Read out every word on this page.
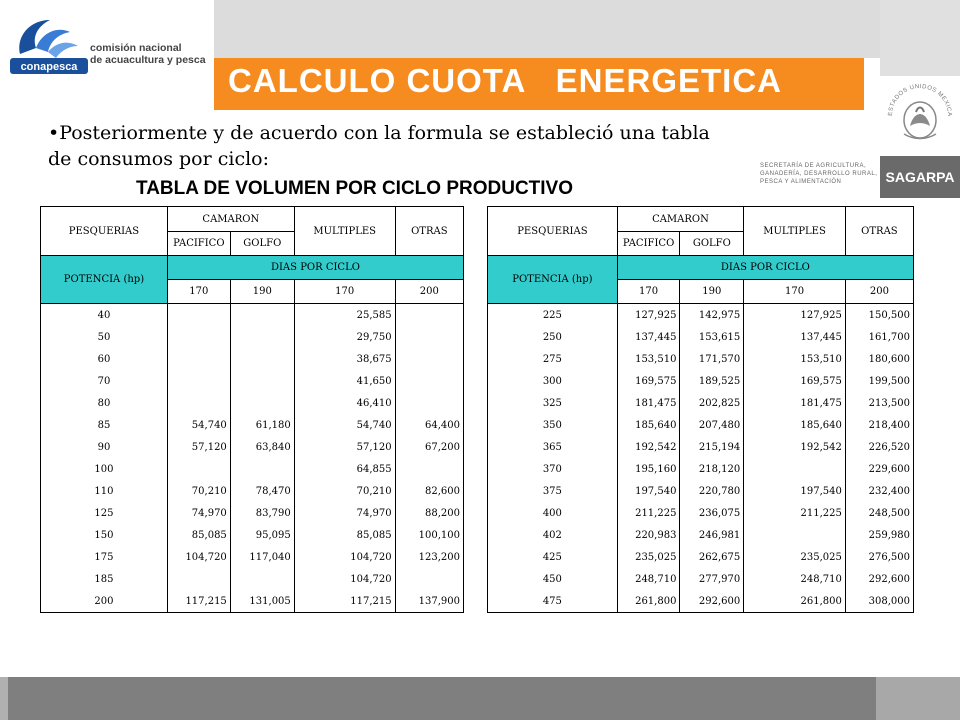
conapesca
comisión nacional
de acuacultura y pesca
CALCULO CUOTA   ENERGETICA
ESTADOS UNIDOS MEXICA
SECRETARÍA DE AGRICULTURA,
GANADERÍA, DESARROLLO RURAL,
PESCA Y ALIMENTACIÓN	SAGARPA
•Posteriormente y de acuerdo con la formula se estableció una tabla de consumos por ciclo:
TABLA DE VOLUMEN POR CICLO PRODUCTIVO
PESQUERIAS	CAMARON		MULTIPLES	OTRAS
	PACIFICO	GOLFO		
POTENCIA (hp)	DIAS POR CICLO			
	170	190	170	200
40			25,585	
50			29,750	
60			38,675	
70			41,650	
80			46,410	
85	54,740	61,180	54,740	64,400
90	57,120	63,840	57,120	67,200
100			64,855	
110	70,210	78,470	70,210	82,600
125	74,970	83,790	74,970	88,200
150	85,085	95,095	85,085	100,100
175	104,720	117,040	104,720	123,200
185			104,720	
200	117,215	131,005	117,215	137,900
PESQUERIAS	CAMARON		MULTIPLES	OTRAS
	PACIFICO	GOLFO		
POTENCIA (hp)	DIAS POR CICLO			
	170	190	170	200
225	127,925	142,975	127,925	150,500
250	137,445	153,615	137,445	161,700
275	153,510	171,570	153,510	180,600
300	169,575	189,525	169,575	199,500
325	181,475	202,825	181,475	213,500
350	185,640	207,480	185,640	218,400
365	192,542	215,194	192,542	226,520
370	195,160	218,120		229,600
375	197,540	220,780	197,540	232,400
400	211,225	236,075	211,225	248,500
402	220,983	246,981		259,980
425	235,025	262,675	235,025	276,500
450	248,710	277,970	248,710	292,600
475	261,800	292,600	261,800	308,000
